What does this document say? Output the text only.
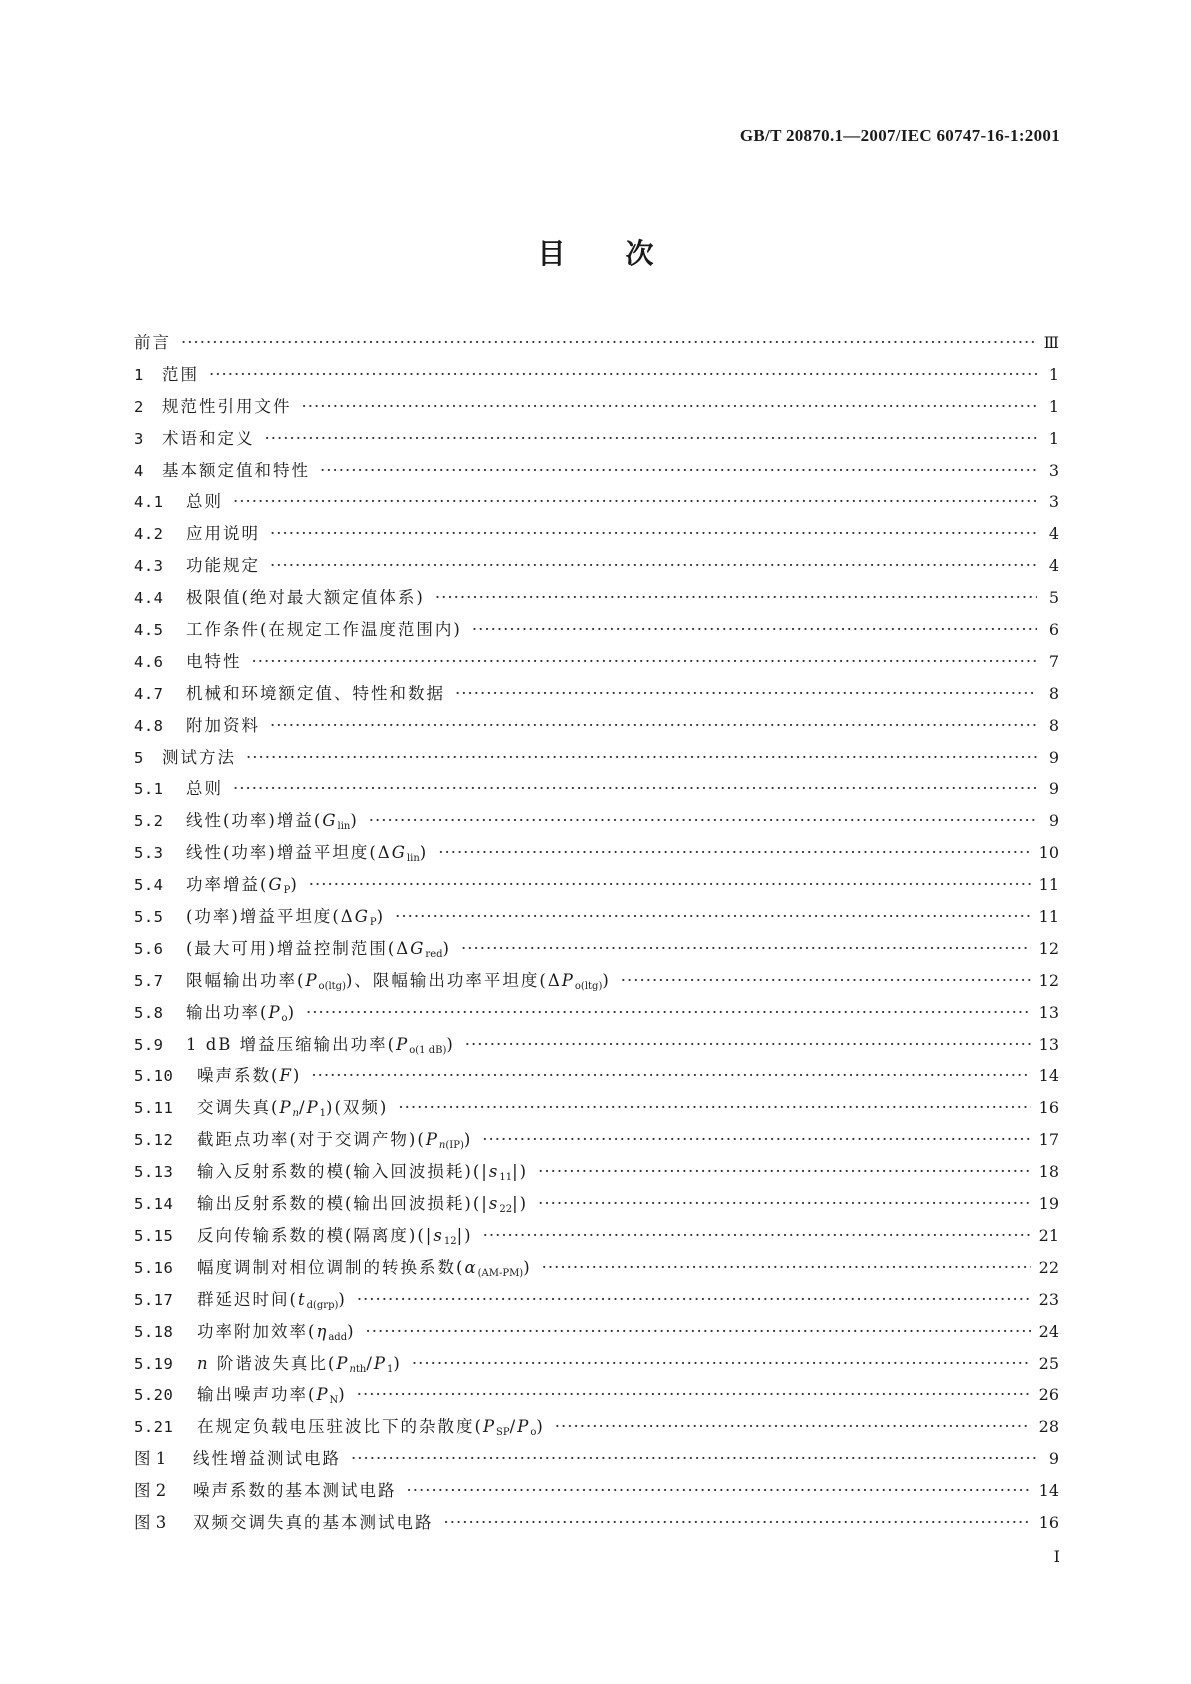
GB/T 20870.1—2007/IEC 60747-16-1:2001
目 次
前言 ·····	Ⅲ
1	范围 ·····	1
2	规范性引用文件 ·····	1
3	术语和定义 ·····	1
4	基本额定值和特性 ·····	3
4.1	总则 ·····	3
4.2	应用说明 ·····	4
4.3	功能规定 ·····	4
4.4	极限值(绝对最大额定值体系) ·····	5
4.5	工作条件(在规定工作温度范围内) ·····	6
4.6	电特性 ·····	7
4.7	机械和环境额定值、特性和数据 ·····	8
4.8	附加资料 ·····	8
5	测试方法 ·····	9
5.1	总则 ·····	9
5.2	线性(功率)增益$(G_{lin})$ ·····	9
5.3	线性(功率)增益平坦度$(\Delta G_{lin})$ ·····	10
5.4	功率增益$(G_P)$ ·····	11
5.5	(功率)增益平坦度$(\Delta G_P)$ ·····	11
5.6	(最大可用)增益控制范围$(\Delta G_{red})$ ·····	12
5.7	限幅输出功率$(P_{o(ltg)})$、限幅输出功率平坦度$(\Delta P_{o(ltg)})$ ·····	12
5.8	输出功率$(P_o)$ ·····	13
5.9	1 dB 增益压缩输出功率$(P_{o(1 dB)})$ ·····	13
5.10	噪声系数(F) ·····	14
5.11	交调失真$(P_n/P_1)$(双频) ·····	16
5.12	截距点功率(对于交调产物)$(P_{n(IP)})$ ·····	17
5.13	输入反射系数的模(输入回波损耗)$(|s_{11}|)$ ·····	18
5.14	输出反射系数的模(输出回波损耗)$(|s_{22}|)$ ·····	19
5.15	反向传输系数的模(隔离度)$(|s_{12}|)$ ·····	21
5.16	幅度调制对相位调制的转换系数$(\alpha_{(AM-PM)})$ ·····	22
5.17	群延迟时间$(t_{d(grp)})$ ·····	23
5.18	功率附加效率$(\eta_{add})$ ·····	24
5.19	n 阶谐波失真比$(P_{nth}/P_1)$ ·····	25
5.20	输出噪声功率$(P_N)$ ·····	26
5.21	在规定负载电压驻波比下的杂散度$(P_{SP}/P_o)$ ·····	28
图 1	线性增益测试电路 ·····	9
图 2	噪声系数的基本测试电路 ·····	14
图 3	双频交调失真的基本测试电路 ·····	16
I
